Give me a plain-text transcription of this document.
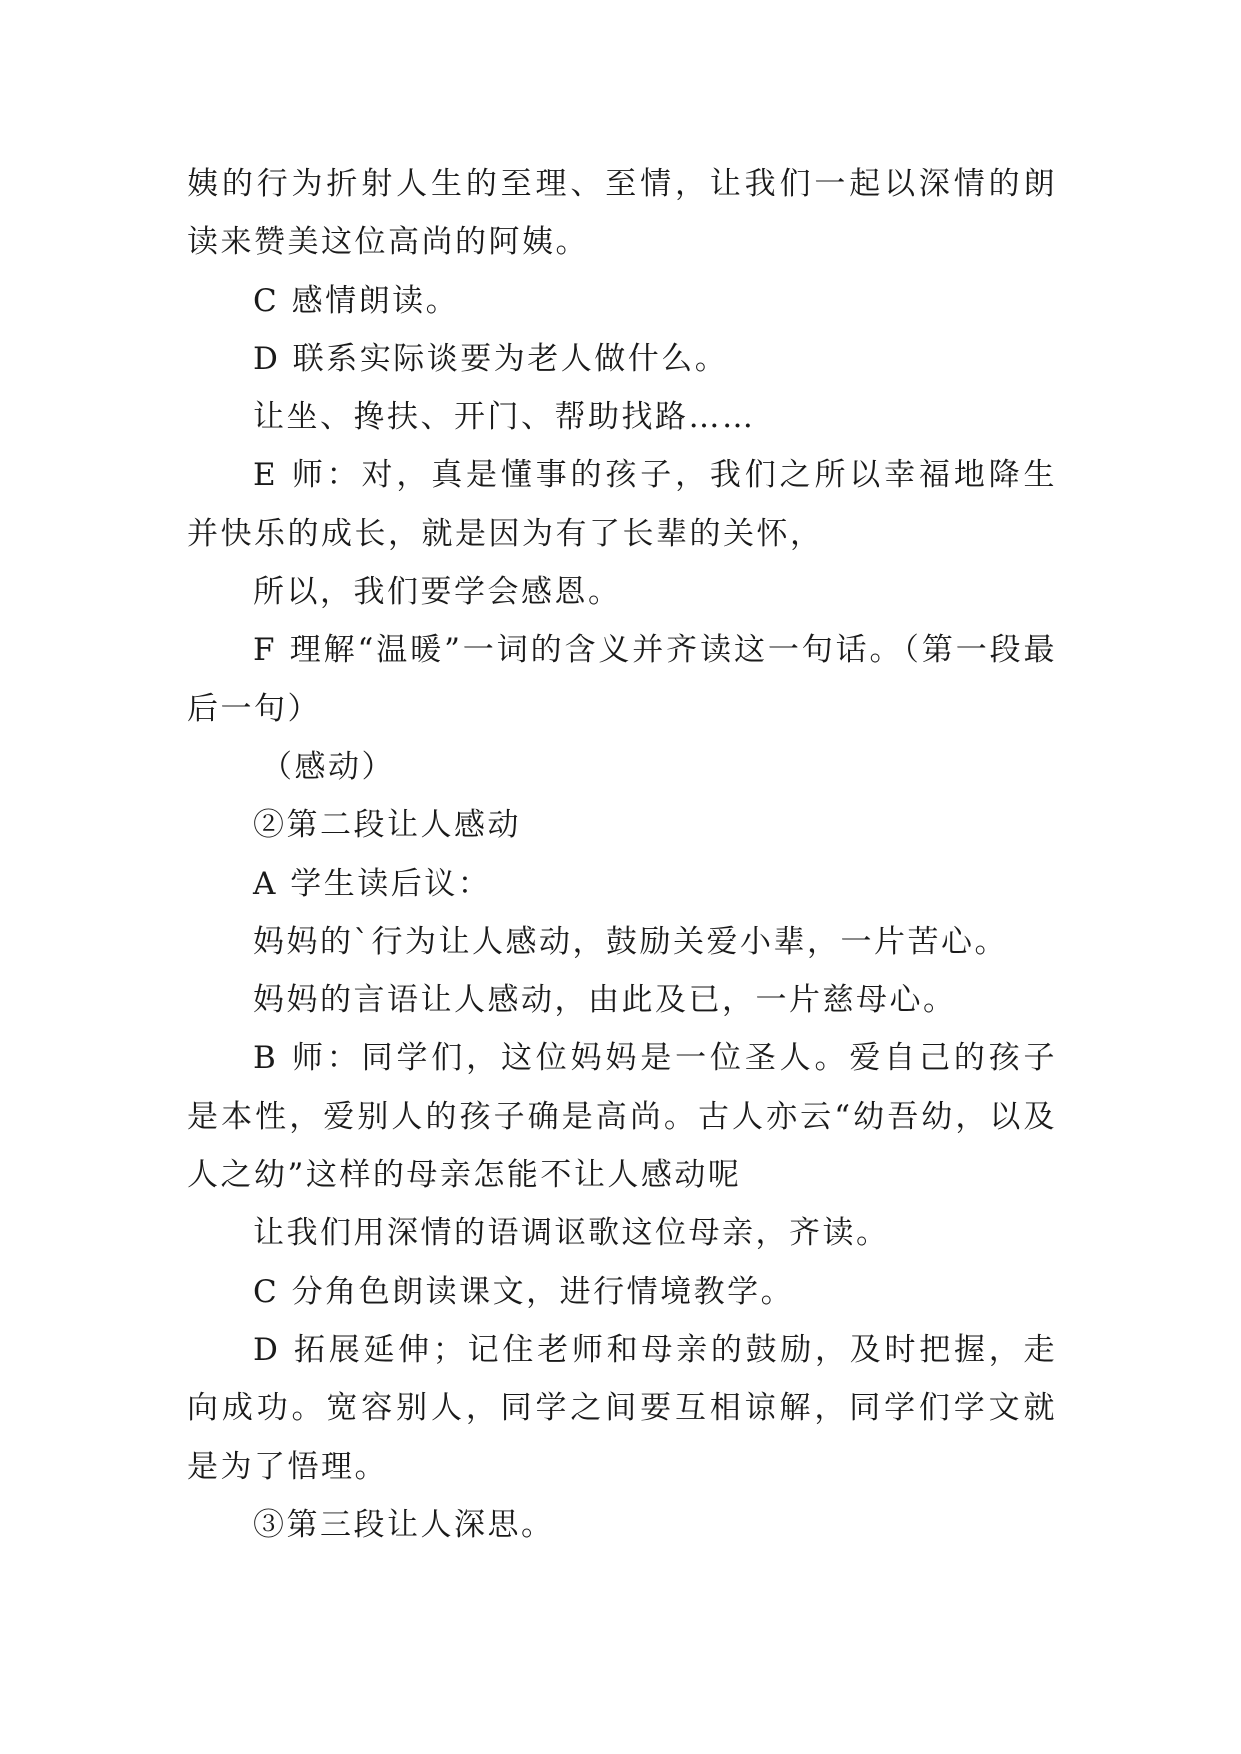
姨的行为折射人生的至理、至情，让我们一起以深情的朗读来赞美这位高尚的阿姨。

C 感情朗读。

D 联系实际谈要为老人做什么。

让坐、搀扶、开门、帮助找路……

E 师：对，真是懂事的孩子，我们之所以幸福地降生并快乐的成长，就是因为有了长辈的关怀，

所以，我们要学会感恩。

F 理解“温暖”一词的含义并齐读这一句话。（第一段最后一句）

（感动）

②第二段让人感动

A 学生读后议：

妈妈的`行为让人感动，鼓励关爱小辈，一片苦心。

妈妈的言语让人感动，由此及已，一片慈母心。

B 师：同学们，这位妈妈是一位圣人。爱自己的孩子是本性，爱别人的孩子确是高尚。古人亦云“幼吾幼，以及人之幼”这样的母亲怎能不让人感动呢

让我们用深情的语调讴歌这位母亲，齐读。

C 分角色朗读课文，进行情境教学。

D 拓展延伸；记住老师和母亲的鼓励，及时把握，走向成功。宽容别人，同学之间要互相谅解，同学们学文就是为了悟理。

③第三段让人深思。
